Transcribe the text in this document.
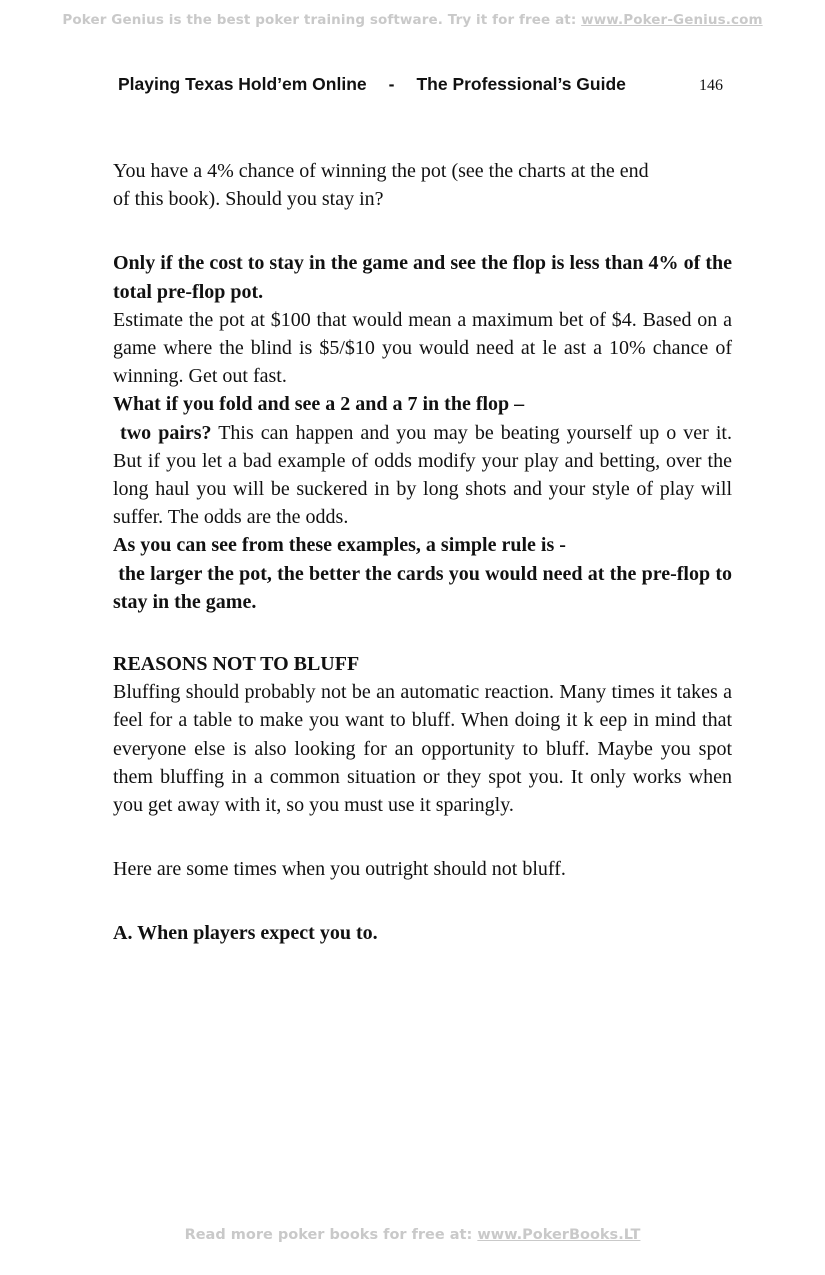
Poker Genius is the best poker training software. Try it for free at: www.Poker-Genius.com
Playing Texas Hold’em Online - The Professional’s Guide	146

You have a 4% chance of winning the pot (see the charts at the end
of this book). Should you stay in?

Only if the cost to stay in the game and see the flop is less than 4% of the total pre-flop pot.

Estimate the pot at $100 that would mean a maximum bet of $4. Based on a game where the blind is $5/$10 you would need at le ast a 10% chance of winning. Get out fast.

What if you fold and see a 2 and a 7 in the flop –

two pairs? This can happen and you may be beating yourself up o ver it. But if you let a bad example of odds modify your play and betting, over the long haul you will be suckered in by long shots and your style of play will suffer. The odds are the odds.

As you can see from these examples, a simple rule is -

the larger the pot, the better the cards you would need at the pre-flop to stay in the game.

REASONS NOT TO BLUFF

Bluffing should probably not be an automatic reaction. Many times it takes a feel for a table to make you want to bluff. When doing it k eep in mind that everyone else is also looking for an opportunity to bluff. Maybe you spot them bluffing in a common situation or they spot you. It only works when you get away with it, so you must use it sparingly.

Here are some times when you outright should not bluff.

A. When players expect you to.

Read more poker books for free at: www.PokerBooks.LT
